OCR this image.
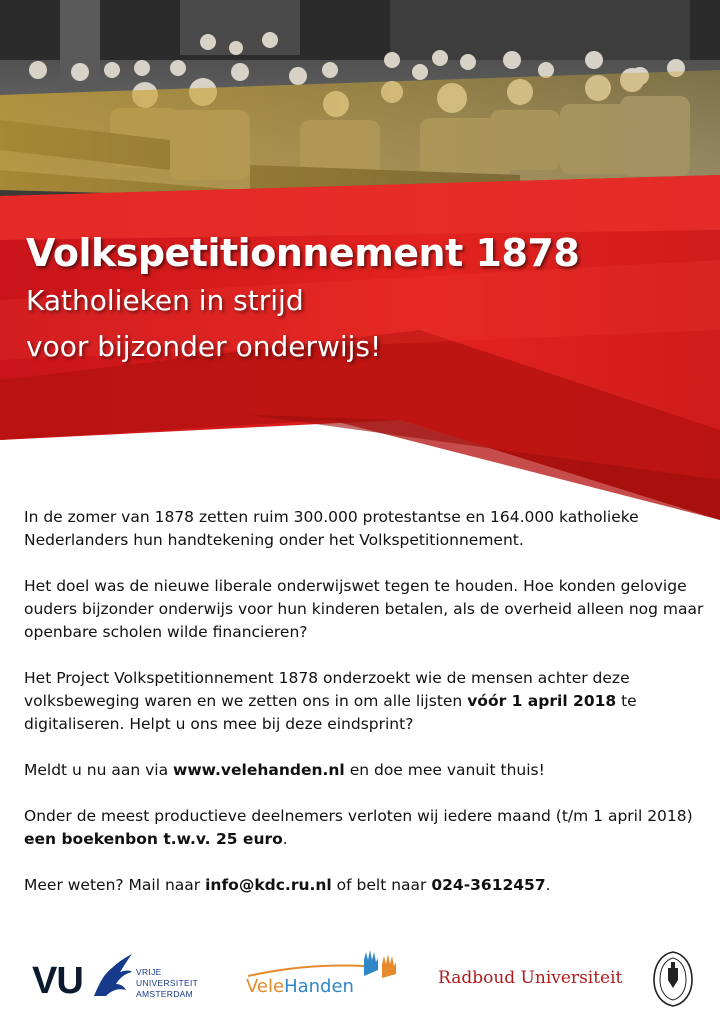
Volkspetitionnement 1878
Katholieken in strijd
voor bijzonder onderwijs!

In de zomer van 1878 zetten ruim 300.000 protestantse en 164.000 katholieke Nederlanders hun handtekening onder het Volkspetitionnement.

Het doel was de nieuwe liberale onderwijswet tegen te houden. Hoe konden gelovige ouders bijzonder onderwijs voor hun kinderen betalen, als de overheid alleen nog maar openbare scholen wilde financieren?

Het Project Volkspetitionnement 1878 onderzoekt wie de mensen achter deze volksbeweging waren en we zetten ons in om alle lijsten vóór 1 april 2018 te digitaliseren. Helpt u ons mee bij deze eindsprint?

Meldt u nu aan via www.velehanden.nl en doe mee vanuit thuis!

Onder de meest productieve deelnemers verloten wij iedere maand (t/m 1 april 2018) een boekenbon t.w.v. 25 euro.

Meer weten? Mail naar info@kdc.ru.nl of belt naar 024-3612457.

VU	VRIJE
UNIVERSITEIT
AMSTERDAM	VeleHanden	Radboud Universiteit
